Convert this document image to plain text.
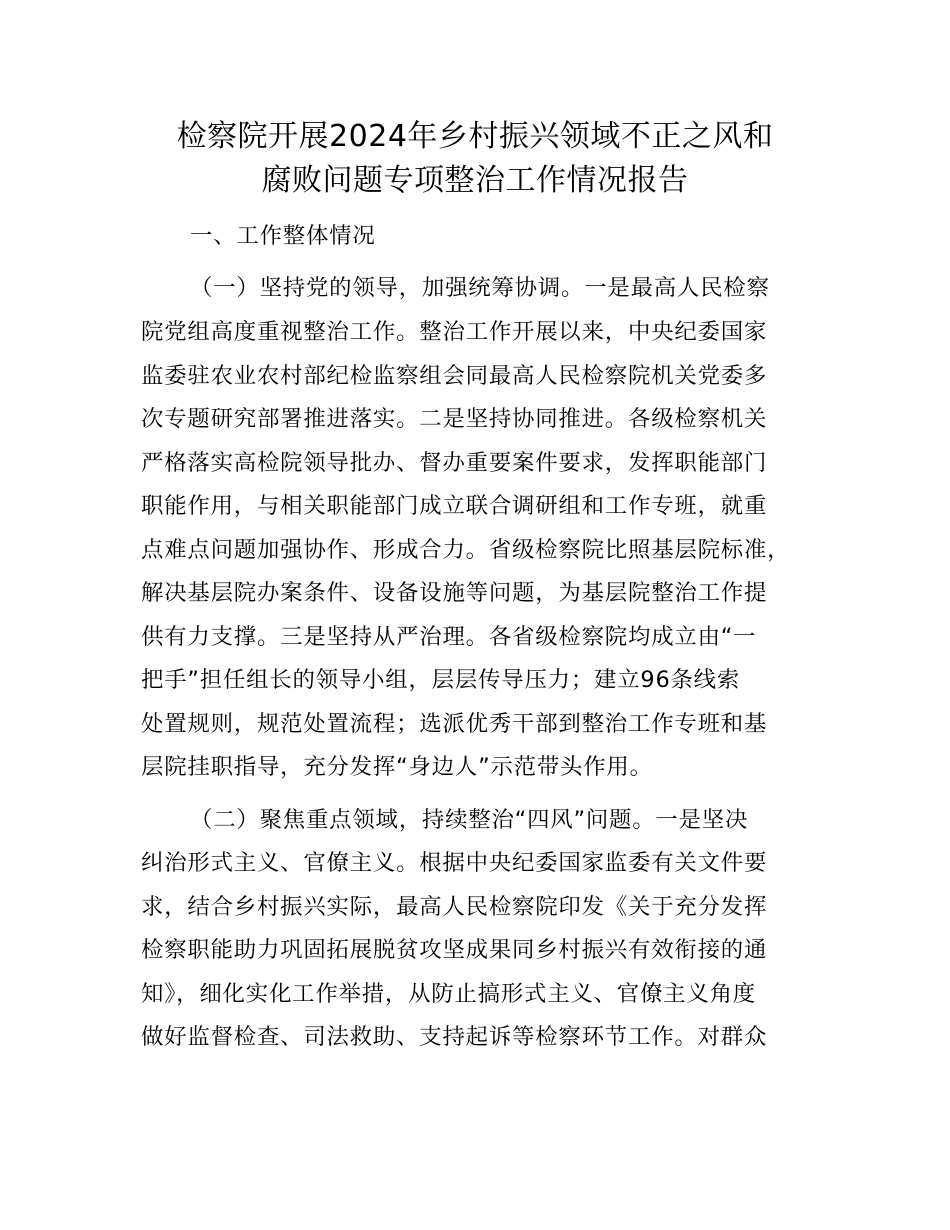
检察院开展2024年乡村振兴领域不正之风和
腐败问题专项整治工作情况报告
一、工作整体情况
（一）坚持党的领导，加强统筹协调。一是最高人民检察
院党组高度重视整治工作。整治工作开展以来，中央纪委国家
监委驻农业农村部纪检监察组会同最高人民检察院机关党委多
次专题研究部署推进落实。二是坚持协同推进。各级检察机关
严格落实高检院领导批办、督办重要案件要求，发挥职能部门
职能作用，与相关职能部门成立联合调研组和工作专班，就重
点难点问题加强协作、形成合力。省级检察院比照基层院标准，
解决基层院办案条件、设备设施等问题，为基层院整治工作提
供有力支撑。三是坚持从严治理。各省级检察院均成立由“一
把手”担任组长的领导小组，层层传导压力；建立96条线索
处置规则，规范处置流程；选派优秀干部到整治工作专班和基
层院挂职指导，充分发挥“身边人”示范带头作用。
（二）聚焦重点领域，持续整治“四风”问题。一是坚决
纠治形式主义、官僚主义。根据中央纪委国家监委有关文件要
求，结合乡村振兴实际，最高人民检察院印发《关于充分发挥
检察职能助力巩固拓展脱贫攻坚成果同乡村振兴有效衔接的通
知》，细化实化工作举措，从防止搞形式主义、官僚主义角度
做好监督检查、司法救助、支持起诉等检察环节工作。对群众
